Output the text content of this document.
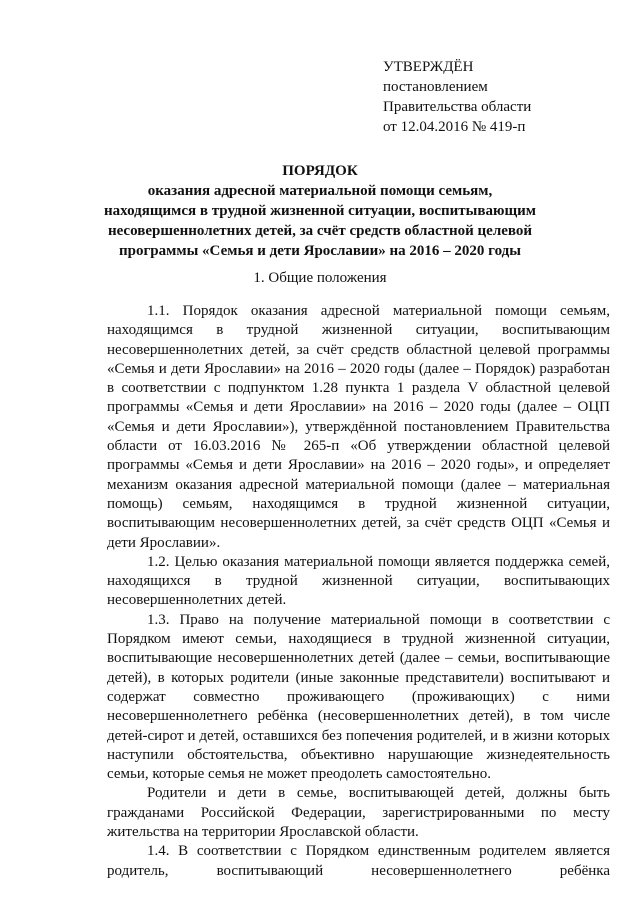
УТВЕРЖДЁН
постановлением
Правительства области
от 12.04.2016 № 419-п
ПОРЯДОК
оказания адресной материальной помощи семьям, находящимся в трудной жизненной ситуации, воспитывающим несовершеннолетних детей, за счёт средств областной целевой программы «Семья и дети Ярославии» на 2016 – 2020 годы
1. Общие положения

1.1. Порядок оказания адресной материальной помощи семьям, находящимся в трудной жизненной ситуации, воспитывающим несовершеннолетних детей, за счёт средств областной целевой программы «Семья и дети Ярославии» на 2016 – 2020 годы (далее – Порядок) разработан в соответствии с подпунктом 1.28 пункта 1 раздела V областной целевой программы «Семья и дети Ярославии» на 2016 – 2020 годы (далее – ОЦП «Семья и дети Ярославии»), утверждённой постановлением Правительства области от 16.03.2016 № 265-п «Об утверждении областной целевой программы «Семья и дети Ярославии» на 2016 – 2020 годы», и определяет механизм оказания адресной материальной помощи (далее – материальная помощь) семьям, находящимся в трудной жизненной ситуации, воспитывающим несовершеннолетних детей, за счёт средств ОЦП «Семья и дети Ярославии».

1.2. Целью оказания материальной помощи является поддержка семей, находящихся в трудной жизненной ситуации, воспитывающих несовершеннолетних детей.

1.3. Право на получение материальной помощи в соответствии с Порядком имеют семьи, находящиеся в трудной жизненной ситуации, воспитывающие несовершеннолетних детей (далее – семьи, воспитывающие детей), в которых родители (иные законные представители) воспитывают и содержат совместно проживающего (проживающих) с ними несовершеннолетнего ребёнка (несовершеннолетних детей), в том числе детей-сирот и детей, оставшихся без попечения родителей, и в жизни которых наступили обстоятельства, объективно нарушающие жизнедеятельность семьи, которые семья не может преодолеть самостоятельно.

Родители и дети в семье, воспитывающей детей, должны быть гражданами Российской Федерации, зарегистрированными по месту жительства на территории Ярославской области.

1.4. В соответствии с Порядком единственным родителем является родитель, воспитывающий несовершеннолетнего ребёнка
